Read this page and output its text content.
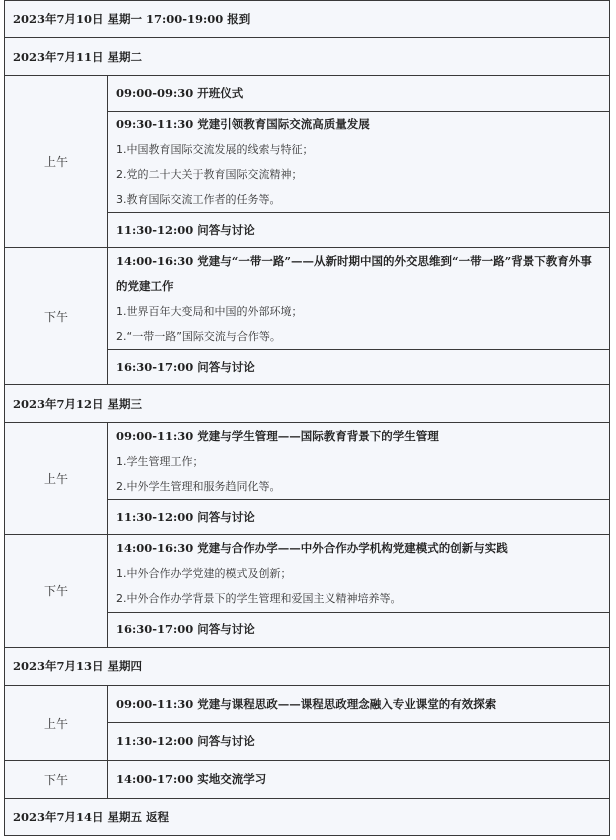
2023年7月10日 星期一 17:00-19:00 报到	
2023年7月11日 星期二	
上午	09:00-09:30 开班仪式

	09:30-11:30 党建引领教育国际交流高质量发展
1.中国教育国际交流发展的线索与特征；
2.党的二十大关于教育国际交流精神；
3.教育国际交流工作者的任务等。

	11:30-12:00 问答与讨论

下午	14:00-16:30 党建与“一带一路”——从新时期中国的外交思维到“一带一路”背景下教育外事的党建工作
1.世界百年大变局和中国的外部环境；
2.“一带一路”国际交流与合作等。

	16:30-17:00 问答与讨论

2023年7月12日 星期三	
上午	09:00-11:30 党建与学生管理——国际教育背景下的学生管理
1.学生管理工作；
2.中外学生管理和服务趋同化等。

	11:30-12:00 问答与讨论

下午	14:00-16:30 党建与合作办学——中外合作办学机构党建模式的创新与实践
1.中外合作办学党建的模式及创新；
2.中外合作办学背景下的学生管理和爱国主义精神培养等。

	16:30-17:00 问答与讨论

2023年7月13日 星期四	
上午	09:00-11:30 党建与课程思政——课程思政理念融入专业课堂的有效探索

	11:30-12:00 问答与讨论

下午	14:00-17:00 实地交流学习

2023年7月14日 星期五 返程	
